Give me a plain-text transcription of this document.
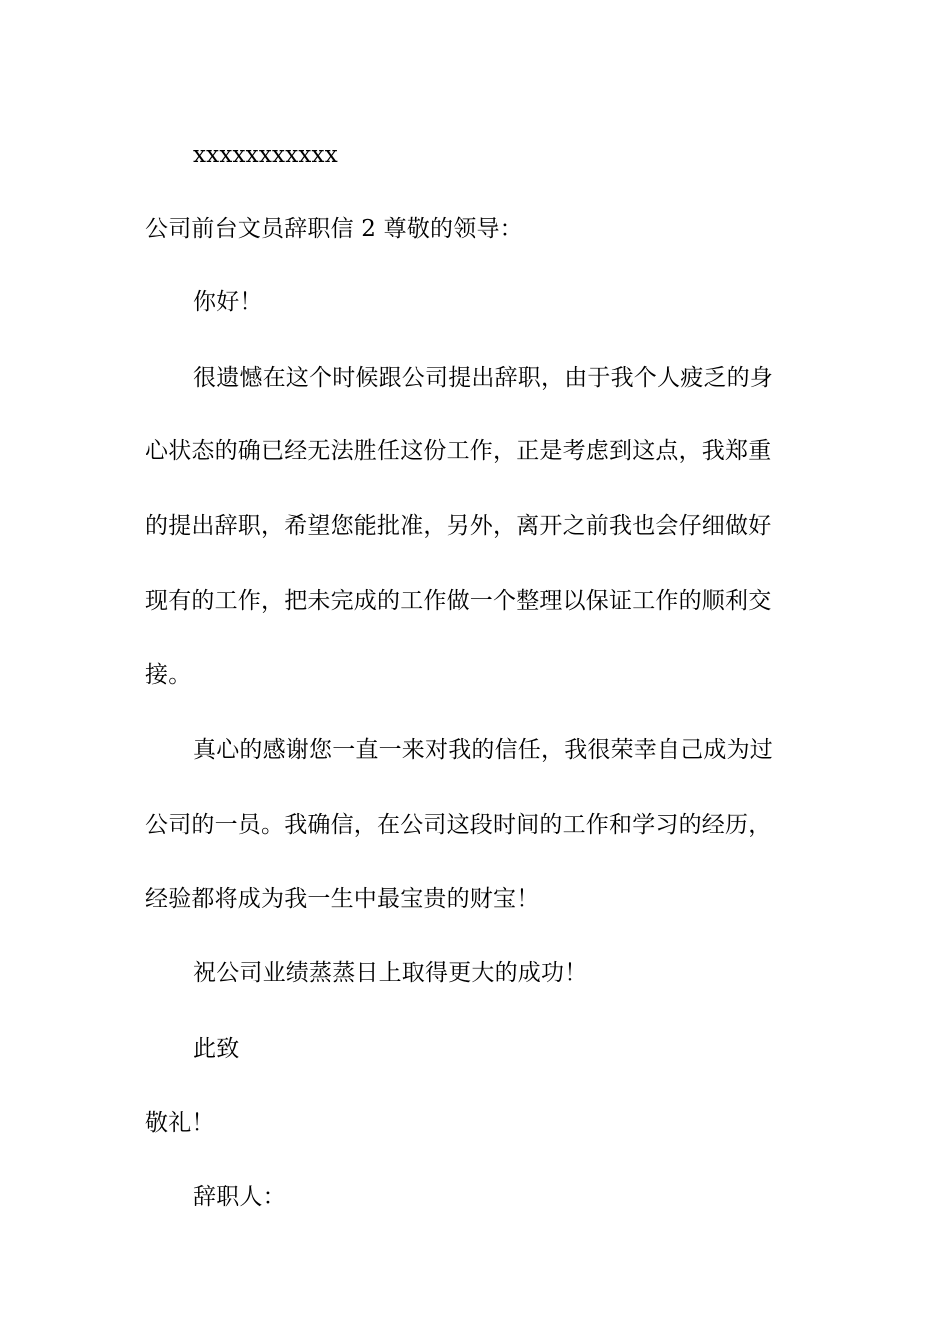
xxxxxxxxxxx
公司前台文员辞职信 2 尊敬的领导：
你好！
很遗憾在这个时候跟公司提出辞职，由于我个人疲乏的身
心状态的确已经无法胜任这份工作，正是考虑到这点，我郑重
的提出辞职，希望您能批准，另外，离开之前我也会仔细做好
现有的工作，把未完成的工作做一个整理以保证工作的顺利交
接。
真心的感谢您一直一来对我的信任，我很荣幸自己成为过
公司的一员。我确信，在公司这段时间的工作和学习的经历，
经验都将成为我一生中最宝贵的财宝！
祝公司业绩蒸蒸日上取得更大的成功！
此致
敬礼！
辞职人：
